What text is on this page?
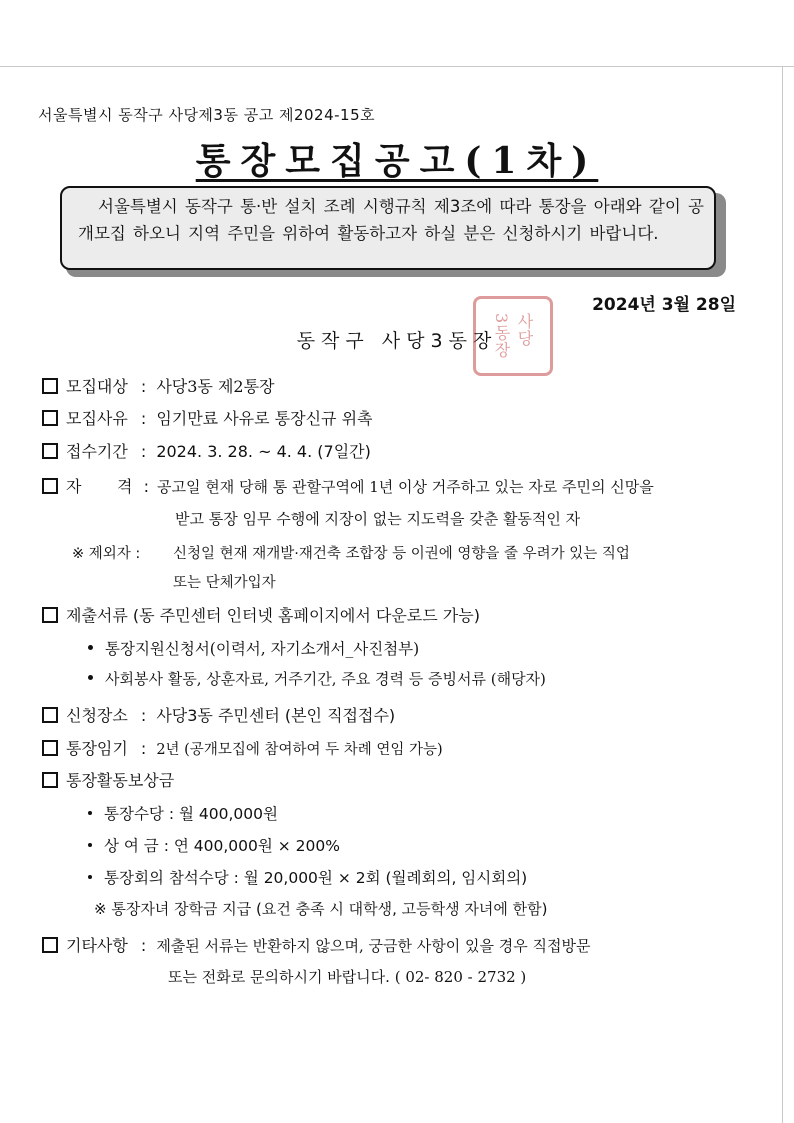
서울특별시 동작구 사당제3동 공고 제2024-15호
통장모집공고(1차)
서울특별시 동작구 통·반 설치 조례 시행규칙 제3조에 따라 통장을 아래와 같이 공개모집 하오니 지역 주민을 위하여 활동하고자 하실 분은 신청하시기 바랍니다.
2024년 3월 28일
사당
3동장
동작구 사당3동장
모집대상 : 사당3동 제2통장
모집사유 : 임기만료 사유로 통장신규 위촉
접수기간 : 2024. 3. 28. ~ 4. 4. (7일간)
자       격 : 공고일 현재 당해 통 관할구역에 1년 이상 거주하고 있는 자로 주민의 신망을
받고 통장 임무 수행에 지장이 없는 지도력을 갖춘 활동적인 자
※ 제외자 : 신청일 현재 재개발·재건축 조합장 등 이권에 영향을 줄 우려가 있는 직업
또는 단체가입자
제출서류 (동 주민센터 인터넷 홈페이지에서 다운로드 가능)
통장지원신청서(이력서, 자기소개서_사진첨부)
사회봉사 활동, 상훈자료, 거주기간, 주요 경력 등 증빙서류 (해당자)
신청장소 : 사당3동 주민센터 (본인 직접접수)
통장임기 : 2년 (공개모집에 참여하여 두 차례 연임 가능)
통장활동보상금
통장수당 : 월 400,000원
상 여 금 : 연 400,000원 × 200%
통장회의 참석수당 : 월 20,000원 × 2회 (월례회의, 임시회의)
※ 통장자녀 장학금 지급 (요건 충족 시 대학생, 고등학생 자녀에 한함)
기타사항 : 제출된 서류는 반환하지 않으며, 궁금한 사항이 있을 경우 직접방문
또는 전화로 문의하시기 바랍니다. ( 02- 820 - 2732 )
